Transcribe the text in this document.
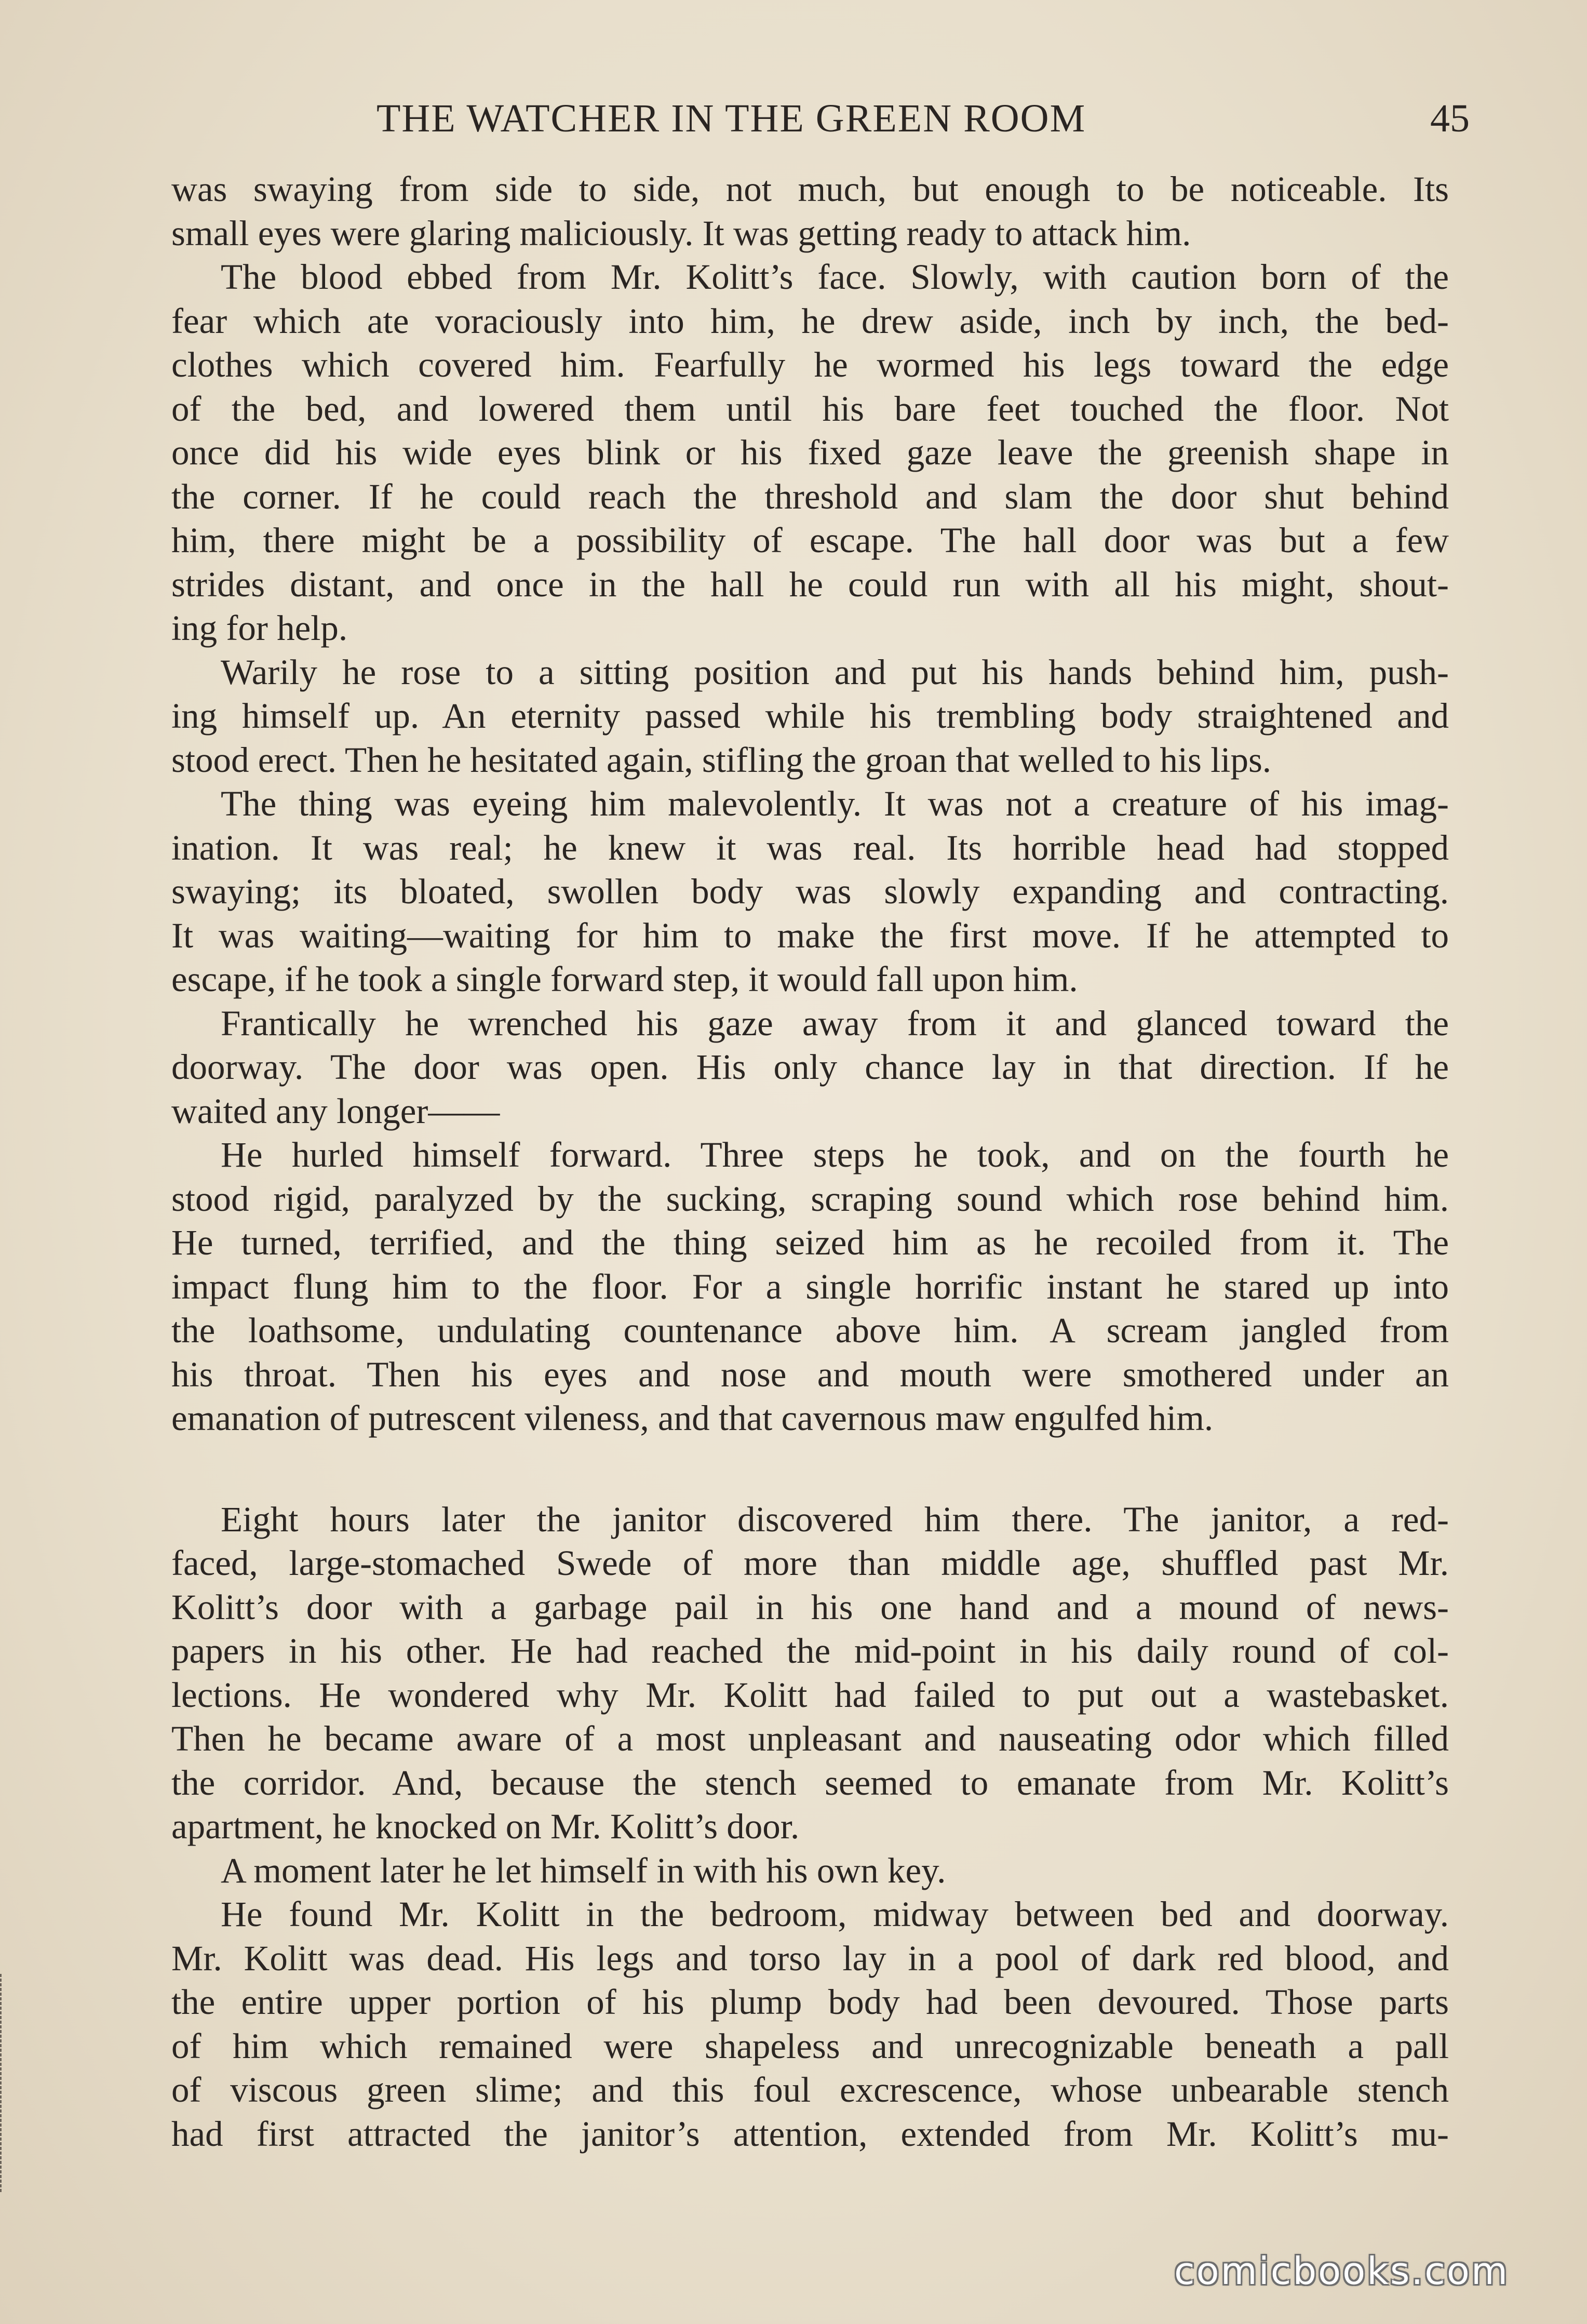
THE WATCHER IN THE GREEN ROOM	45
was swaying from side to side, not much, but enough to be noticeable. Its
small eyes were glaring maliciously. It was getting ready to attack him.
The blood ebbed from Mr. Kolitt’s face. Slowly, with caution born of the
fear which ate voraciously into him, he drew aside, inch by inch, the bed-
clothes which covered him. Fearfully he wormed his legs toward the edge
of the bed, and lowered them until his bare feet touched the floor. Not
once did his wide eyes blink or his fixed gaze leave the greenish shape in
the corner. If he could reach the threshold and slam the door shut behind
him, there might be a possibility of escape. The hall door was but a few
strides distant, and once in the hall he could run with all his might, shout-
ing for help.
Warily he rose to a sitting position and put his hands behind him, push-
ing himself up. An eternity passed while his trembling body straightened and
stood erect. Then he hesitated again, stifling the groan that welled to his lips.
The thing was eyeing him malevolently. It was not a creature of his imag-
ination. It was real; he knew it was real. Its horrible head had stopped
swaying; its bloated, swollen body was slowly expanding and contracting.
It was waiting—waiting for him to make the first move. If he attempted to
escape, if he took a single forward step, it would fall upon him.
Frantically he wrenched his gaze away from it and glanced toward the
doorway. The door was open. His only chance lay in that direction. If he
waited any longer——
He hurled himself forward. Three steps he took, and on the fourth he
stood rigid, paralyzed by the sucking, scraping sound which rose behind him.
He turned, terrified, and the thing seized him as he recoiled from it. The
impact flung him to the floor. For a single horrific instant he stared up into
the loathsome, undulating countenance above him. A scream jangled from
his throat. Then his eyes and nose and mouth were smothered under an
emanation of putrescent vileness, and that cavernous maw engulfed him.
Eight hours later the janitor discovered him there. The janitor, a red-
faced, large-stomached Swede of more than middle age, shuffled past Mr.
Kolitt’s door with a garbage pail in his one hand and a mound of news-
papers in his other. He had reached the mid-point in his daily round of col-
lections. He wondered why Mr. Kolitt had failed to put out a wastebasket.
Then he became aware of a most unpleasant and nauseating odor which filled
the corridor. And, because the stench seemed to emanate from Mr. Kolitt’s
apartment, he knocked on Mr. Kolitt’s door.
A moment later he let himself in with his own key.
He found Mr. Kolitt in the bedroom, midway between bed and doorway.
Mr. Kolitt was dead. His legs and torso lay in a pool of dark red blood, and
the entire upper portion of his plump body had been devoured. Those parts
of him which remained were shapeless and unrecognizable beneath a pall
of viscous green slime; and this foul excrescence, whose unbearable stench
had first attracted the janitor’s attention, extended from Mr. Kolitt’s mu-
comicbooks.com
